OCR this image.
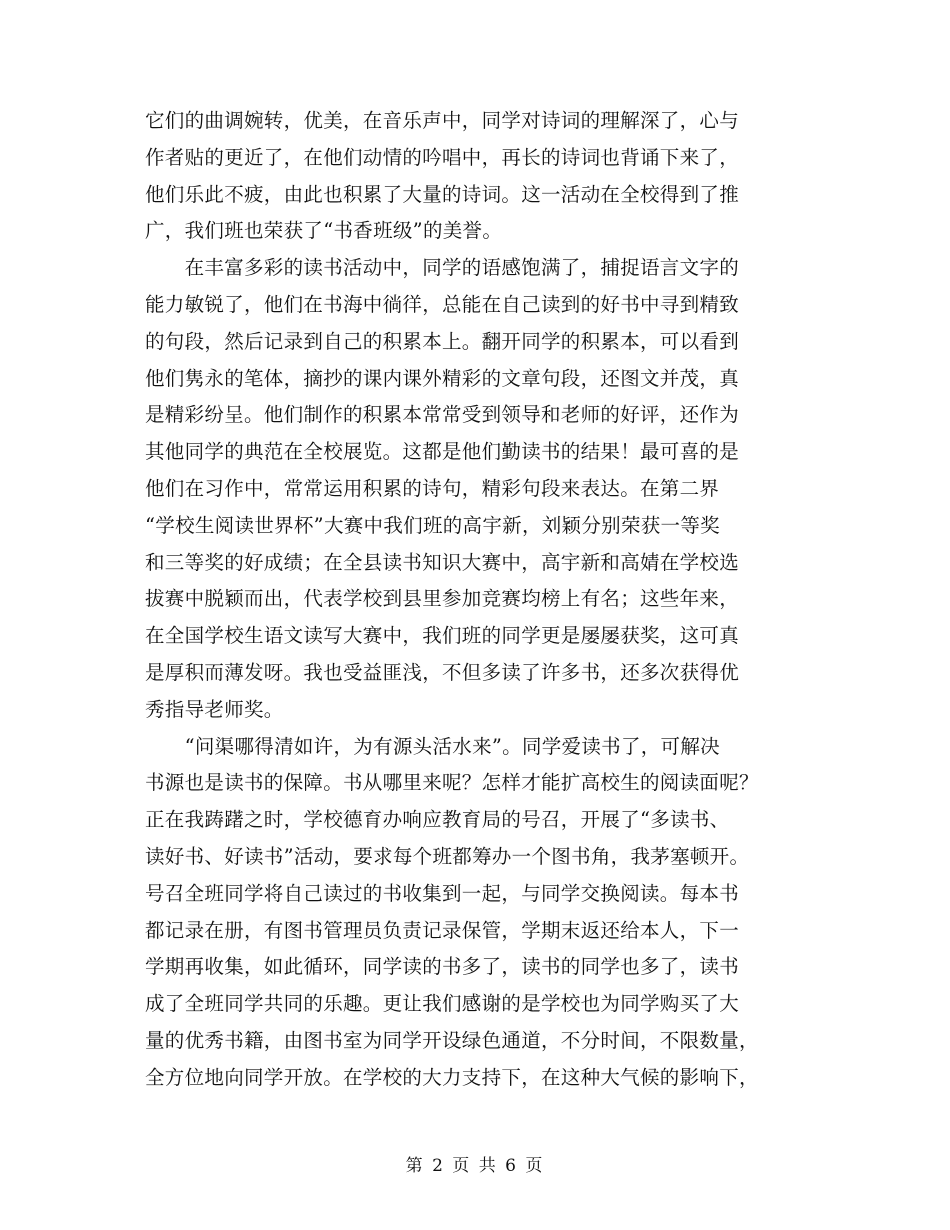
它们的曲调婉转，优美，在音乐声中，同学对诗词的理解深了，心与
作者贴的更近了，在他们动情的吟唱中，再长的诗词也背诵下来了，
他们乐此不疲，由此也积累了大量的诗词。这一活动在全校得到了推
广，我们班也荣获了“书香班级”的美誉。
　　在丰富多彩的读书活动中，同学的语感饱满了，捕捉语言文字的
能力敏锐了，他们在书海中徜徉，总能在自己读到的好书中寻到精致
的句段，然后记录到自己的积累本上。翻开同学的积累本，可以看到
他们隽永的笔体，摘抄的课内课外精彩的文章句段，还图文并茂，真
是精彩纷呈。他们制作的积累本常常受到领导和老师的好评，还作为
其他同学的典范在全校展览。这都是他们勤读书的结果！最可喜的是
他们在习作中，常常运用积累的诗句，精彩句段来表达。在第二界
“学校生阅读世界杯”大赛中我们班的高宇新，刘颖分别荣获一等奖
和三等奖的好成绩；在全县读书知识大赛中，高宇新和高婧在学校选
拔赛中脱颖而出，代表学校到县里参加竞赛均榜上有名；这些年来，
在全国学校生语文读写大赛中，我们班的同学更是屡屡获奖，这可真
是厚积而薄发呀。我也受益匪浅，不但多读了许多书，还多次获得优
秀指导老师奖。
　　“问渠哪得清如许，为有源头活水来”。同学爱读书了，可解决
书源也是读书的保障。书从哪里来呢？怎样才能扩高校生的阅读面呢？
正在我踌躇之时，学校德育办响应教育局的号召，开展了“多读书、
读好书、好读书”活动，要求每个班都筹办一个图书角，我茅塞顿开。
号召全班同学将自己读过的书收集到一起，与同学交换阅读。每本书
都记录在册，有图书管理员负责记录保管，学期末返还给本人，下一
学期再收集，如此循环，同学读的书多了，读书的同学也多了，读书
成了全班同学共同的乐趣。更让我们感谢的是学校也为同学购买了大
量的优秀书籍，由图书室为同学开设绿色通道，不分时间，不限数量，
全方位地向同学开放。在学校的大力支持下，在这种大气候的影响下，
第 2 页 共 6 页
